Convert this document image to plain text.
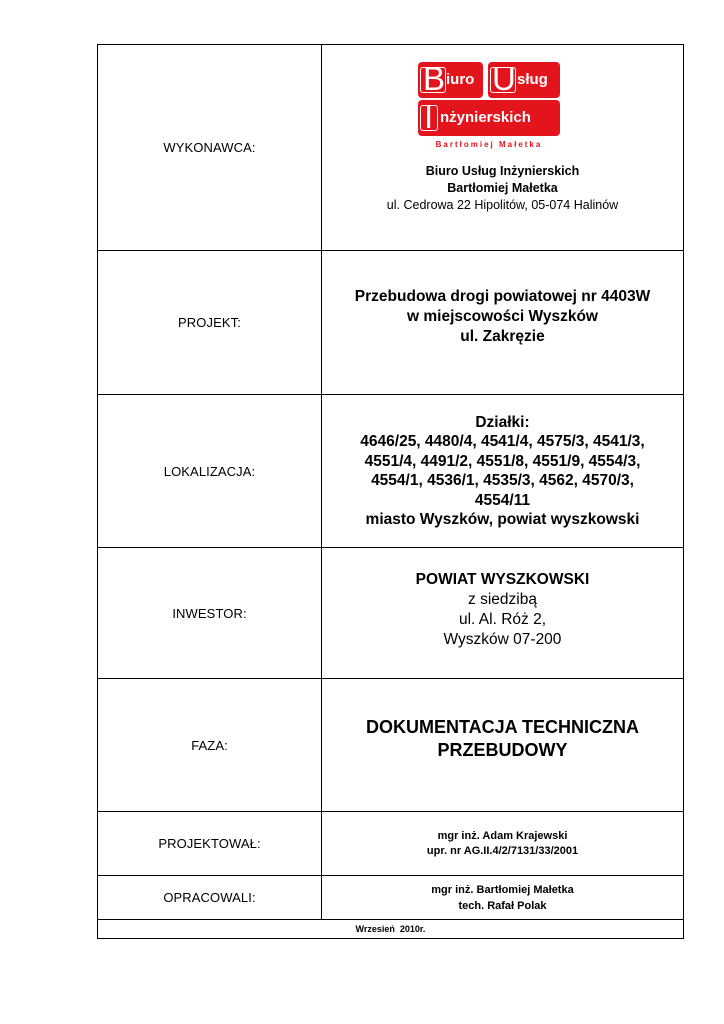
WYKONAWCA:
B iuro U sług
I nżynierskich
Bartłomiej Małetka
Biuro Usług Inżynierskich
Bartłomiej Małetka
ul. Cedrowa 22 Hipolitów, 05-074 Halinów
PROJEKT:
Przebudowa drogi powiatowej nr 4403W
w miejscowości Wyszków
ul. Zakręzie
LOKALIZACJA:
Działki:
4646/25, 4480/4, 4541/4, 4575/3, 4541/3,
4551/4, 4491/2, 4551/8, 4551/9, 4554/3,
4554/1, 4536/1, 4535/3, 4562, 4570/3,
4554/11
miasto Wyszków, powiat wyszkowski
INWESTOR:
POWIAT WYSZKOWSKI
z siedzibą
ul. Al. Róż 2,
Wyszków 07-200
FAZA:
DOKUMENTACJA TECHNICZNA
PRZEBUDOWY
PROJEKTOWAŁ:
mgr inż. Adam Krajewski
upr. nr AG.II.4/2/7131/33/2001
OPRACOWALI:
mgr inż. Bartłomiej Małetka
tech. Rafał Polak
Wrzesień  2010r.
